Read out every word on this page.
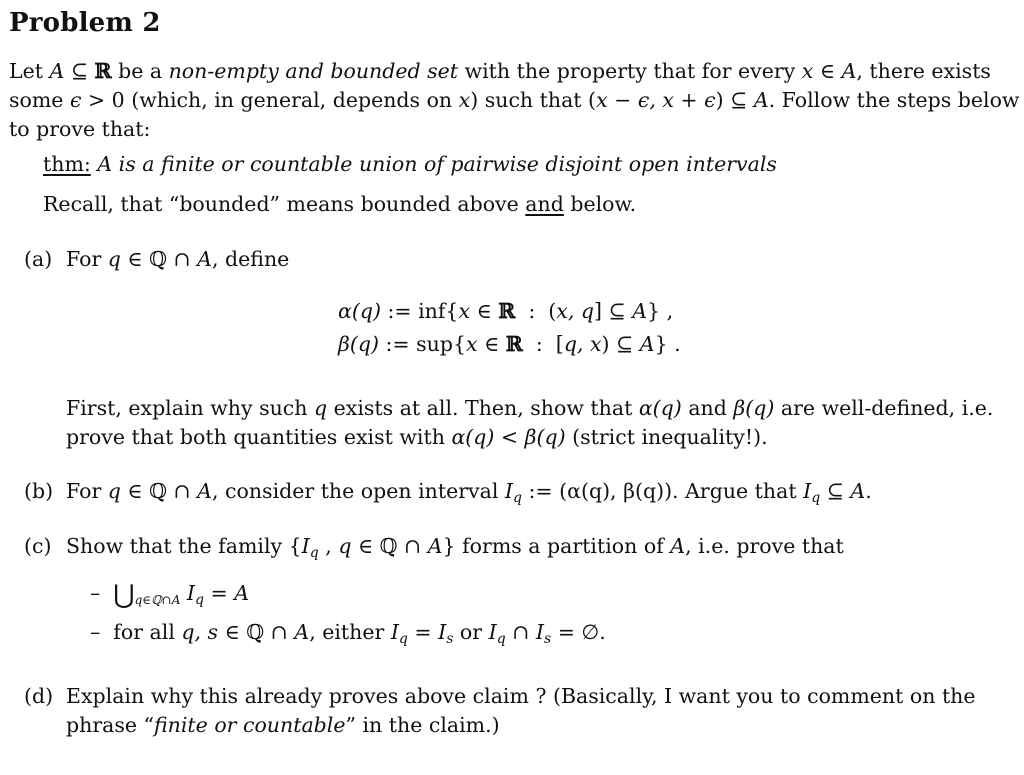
Problem 2
Let A ⊆ ℝ be a non-empty and bounded set with the property that for every x ∈ A, there exists
some ϵ > 0 (which, in general, depends on x) such that (x − ϵ, x + ϵ) ⊆ A. Follow the steps below
to prove that:
thm: A is a finite or countable union of pairwise disjoint open intervals
Recall, that “bounded” means bounded above and below.
(a) For q ∈ ℚ ∩ A, define
α(q) := inf{x ∈ ℝ  :  (x, q] ⊆ A} ,
β(q) := sup{x ∈ ℝ  :  [q, x) ⊆ A} .
First, explain why such q exists at all. Then, show that α(q) and β(q) are well-defined, i.e.
prove that both quantities exist with α(q) < β(q) (strict inequality!).
(b) For q ∈ ℚ ∩ A, consider the open interval $I_q$ := (α(q), β(q)). Argue that $I_q$ ⊆ A.
(c) Show that the family {$I_q$ , q ∈ ℚ ∩ A} forms a partition of A, i.e. prove that
– $⋃_{q\in ℚ\cap A}$ $I_q = A$
– for all q, s ∈ ℚ ∩ A, either $I_q = I_s$ or $I_q$ ∩ $I_s$ = ∅.
(d) Explain why this already proves above claim ? (Basically, I want you to comment on the
phrase “finite or countable” in the claim.)
